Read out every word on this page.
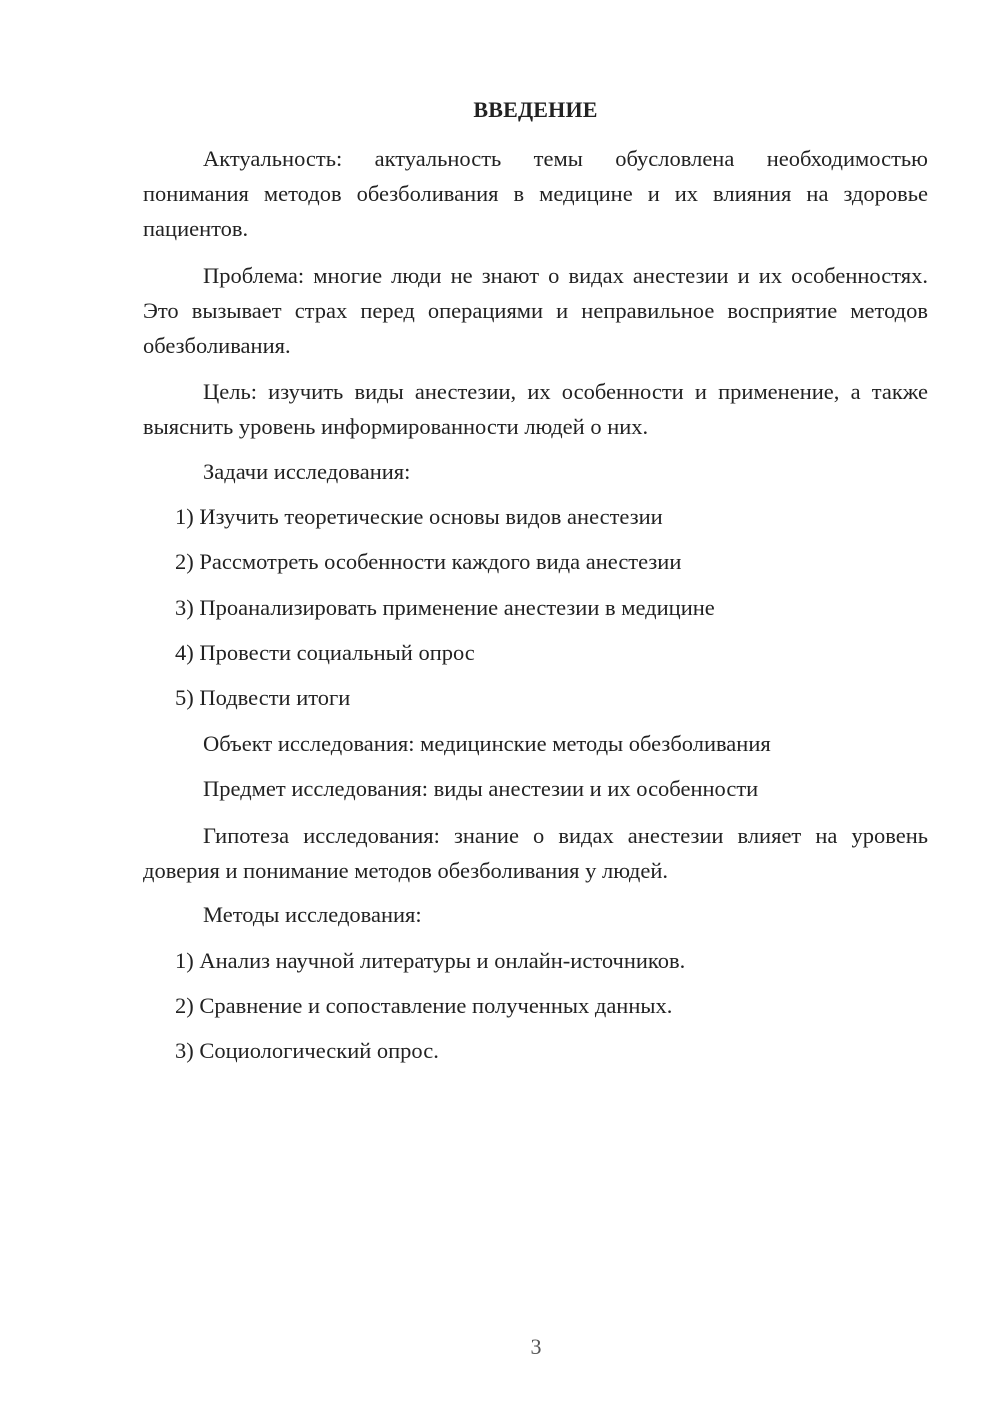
ВВЕДЕНИЕ

Актуальность: актуальность темы обусловлена необходимостью понимания методов обезболивания в медицине и их влияния на здоровье пациентов.

Проблема: многие люди не знают о видах анестезии и их особенностях. Это вызывает страх перед операциями и неправильное восприятие методов обезболивания.

Цель: изучить виды анестезии, их особенности и применение, а также выяснить уровень информированности людей о них.

Задачи исследования:

1) Изучить теоретические основы видов анестезии

2) Рассмотреть особенности каждого вида анестезии

3) Проанализировать применение анестезии в медицине

4) Провести социальный опрос

5) Подвести итоги

Объект исследования: медицинские методы обезболивания

Предмет исследования: виды анестезии и их особенности

Гипотеза исследования: знание о видах анестезии влияет на уровень доверия и понимание методов обезболивания у людей.

Методы исследования:

1) Анализ научной литературы и онлайн-источников.

2) Сравнение и сопоставление полученных данных.

3) Социологический опрос.

3
